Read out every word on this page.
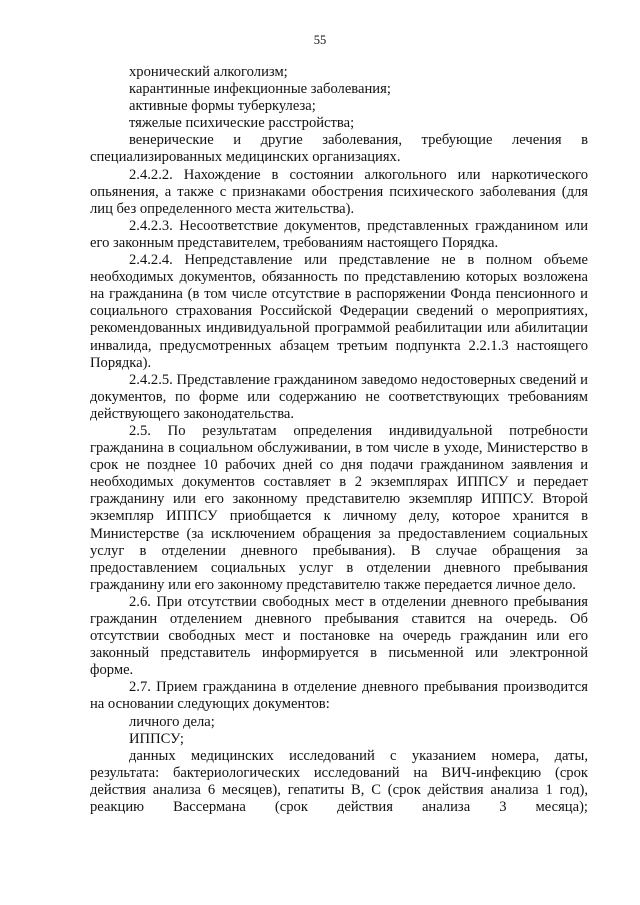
55

хронический алкоголизм;

карантинные инфекционные заболевания;

активные формы туберкулеза;

тяжелые психические расстройства;

венерические и другие заболевания, требующие лечения в специализированных медицинских организациях.

2.4.2.2. Нахождение в состоянии алкогольного или наркотического опьянения, а также с признаками обострения психического заболевания (для лиц без определенного места жительства).

2.4.2.3. Несоответствие документов, представленных гражданином или его законным представителем, требованиям настоящего Порядка.

2.4.2.4. Непредставление или представление не в полном объеме необходимых документов, обязанность по представлению которых возложена на гражданина (в том числе отсутствие в распоряжении Фонда пенсионного и социального страхования Российской Федерации сведений о мероприятиях, рекомендованных индивидуальной программой реабилитации или абилитации инвалида, предусмотренных абзацем третьим подпункта 2.2.1.3 настоящего Порядка).

2.4.2.5. Представление гражданином заведомо недостоверных сведений и документов, по форме или содержанию не соответствующих требованиям действующего законодательства.

2.5. По результатам определения индивидуальной потребности гражданина в социальном обслуживании, в том числе в уходе, Министерство в срок не позднее 10 рабочих дней со дня подачи гражданином заявления и необходимых документов составляет в 2 экземплярах ИППСУ и передает гражданину или его законному представителю экземпляр ИППСУ. Второй экземпляр ИППСУ приобщается к личному делу, которое хранится в Министерстве (за исключением обращения за предоставлением социальных услуг в отделении дневного пребывания). В случае обращения за предоставлением социальных услуг в отделении дневного пребывания гражданину или его законному представителю также передается личное дело.

2.6. При отсутствии свободных мест в отделении дневного пребывания гражданин отделением дневного пребывания ставится на очередь. Об отсутствии свободных мест и постановке на очередь гражданин или его законный представитель информируется в письменной или электронной форме.

2.7. Прием гражданина в отделение дневного пребывания производится на основании следующих документов:

личного дела;

ИППСУ;

данных медицинских исследований с указанием номера, даты, результата: бактериологических исследований на ВИЧ-инфекцию (срок действия анализа 6 месяцев), гепатиты В, С (срок действия анализа 1 год), реакцию Вассермана (срок действия анализа 3 месяца);
